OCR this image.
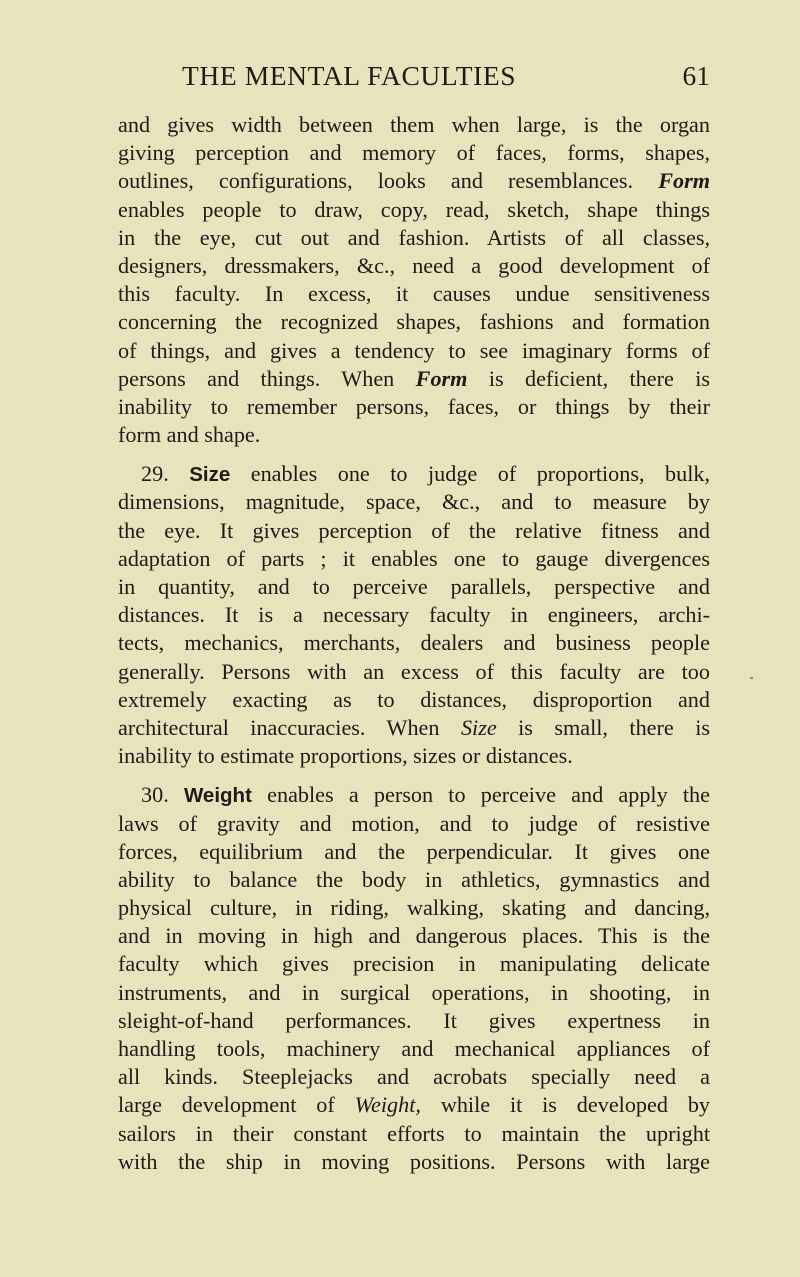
THE MENTAL FACULTIES	61
and gives width between them when large, is the organ
giving perception and memory of faces, forms, shapes,
outlines, configurations, looks and resemblances. Form
enables people to draw, copy, read, sketch, shape things
in the eye, cut out and fashion. Artists of all classes,
designers, dressmakers, &c., need a good development of
this faculty. In excess, it causes undue sensitiveness
concerning the recognized shapes, fashions and formation
of things, and gives a tendency to see imaginary forms of
persons and things. When Form is deficient, there is
inability to remember persons, faces, or things by their
form and shape.
29. Size enables one to judge of proportions, bulk,
dimensions, magnitude, space, &c., and to measure by
the eye. It gives perception of the relative fitness and
adaptation of parts ; it enables one to gauge divergences
in quantity, and to perceive parallels, perspective and
distances. It is a necessary faculty in engineers, archi-
tects, mechanics, merchants, dealers and business people
generally. Persons with an excess of this faculty are too
extremely exacting as to distances, disproportion and
architectural inaccuracies. When Size is small, there is
inability to estimate proportions, sizes or distances.
30. Weight enables a person to perceive and apply the
laws of gravity and motion, and to judge of resistive
forces, equilibrium and the perpendicular. It gives one
ability to balance the body in athletics, gymnastics and
physical culture, in riding, walking, skating and dancing,
and in moving in high and dangerous places. This is the
faculty which gives precision in manipulating delicate
instruments, and in surgical operations, in shooting, in
sleight-of-hand performances. It gives expertness in
handling tools, machinery and mechanical appliances of
all kinds. Steeplejacks and acrobats specially need a
large development of Weight, while it is developed by
sailors in their constant efforts to maintain the upright
with the ship in moving positions. Persons with large
